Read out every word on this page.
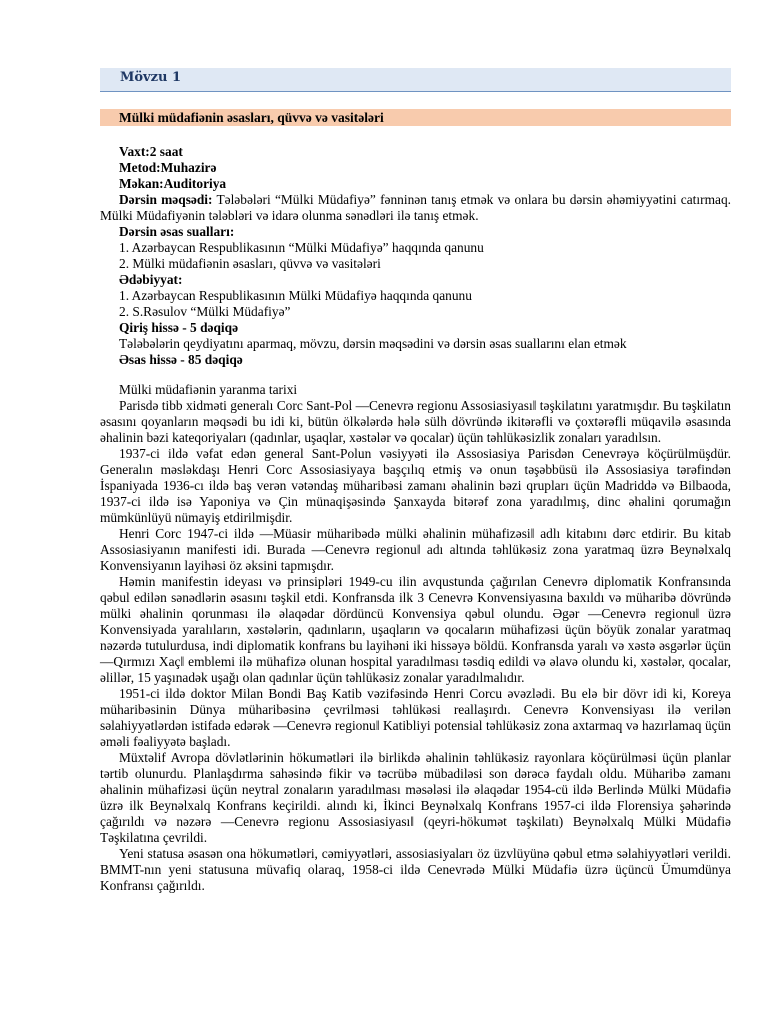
Mövzu 1
Mülki müdafiənin əsasları, qüvvə və vasitələri

Vaxt:2 saat

Metod:Muhazirə

Məkan:Auditoriya

Dərsin məqsədi: Tələbələri “Mülki Müdafiyə” fənninən tanış etmək və onlara bu dərsin əhəmiyyətini catırmaq. Mülki Müdafiyənin tələbləri və idarə olunma sənədləri ilə tanış etmək.

Dərsin əsas sualları:

1. Azərbaycan Respublikasının “Mülki Müdafiyə” haqqında qanunu

2. Mülki müdafiənin əsasları, qüvvə və vasitələri

Ədəbiyyat:

1. Azərbaycan Respublikasının Mülki Müdafiyə haqqında qanunu

2. S.Rəsulov “Mülki Müdafiyə”

Qiriş hissə - 5 dəqiqə

Tələbələrin qeydiyatını aparmaq, mövzu, dərsin məqsədini və dərsin əsas suallarını elan etmək

Əsas hissə - 85 dəqiqə

Mülki müdafiənin yaranma tarixi

Parisdə tibb xidməti generalı Corc Sant-Pol ―Cenevrə regionu Assosiasiyası‖ təşkilatını yaratmışdır. Bu təşkilatın əsasını qoyanların məqsədi bu idi ki, bütün ölkələrdə hələ sülh dövründə ikitərəfli və çoxtərəfli müqavilə əsasında əhalinin bəzi kateqoriyaları (qadınlar, uşaqlar, xəstələr və qocalar) üçün təhlükəsizlik zonaları yaradılsın.

1937-ci ildə vəfat edən general Sant-Polun vəsiyyəti ilə Assosiasiya Parisdən Cenevrəyə köçürülmüşdür. Generalın məsləkdaşı Henri Corc Assosiasiyaya başçılıq etmiş və onun təşəbbüsü ilə Assosiasiya tərəfindən İspaniyada 1936-cı ildə baş verən vətəndaş müharibəsi zamanı əhalinin bəzi qrupları üçün Madriddə və Bilbaoda, 1937-ci ildə isə Yaponiya və Çin münaqişəsində Şanxayda bitərəf zona yaradılmış, dinc əhalini qorumağın mümkünlüyü nümayiş etdirilmişdir.

Henri Corc 1947-ci ildə ―Müasir müharibədə mülki əhalinin mühafizəsi‖ adlı kitabını dərc etdirir. Bu kitab Assosiasiyanın manifesti idi. Burada ―Cenevrə regionu‖ adı altında təhlükəsiz zona yaratmaq üzrə Beynəlxalq Konvensiyanın layihəsi öz əksini tapmışdır.

Həmin manifestin ideyası və prinsipləri 1949-cu ilin avqustunda çağırılan Cenevrə diplomatik Konfransında qəbul edilən sənədlərin əsasını təşkil etdi. Konfransda ilk 3 Cenevrə Konvensiyasına baxıldı və müharibə dövründə mülki əhalinin qorunması ilə əlaqədar dördüncü Konvensiya qəbul olundu. Əgər ―Cenevrə regionu‖ üzrə Konvensiyada yaralıların, xəstələrin, qadınların, uşaqların və qocaların mühafizəsi üçün böyük zonalar yaratmaq nəzərdə tutulurdusa, indi diplomatik konfrans bu layihəni iki hissəyə böldü. Konfransda yaralı və xəstə əsgərlər üçün ―Qırmızı Xaç‖ emblemi ilə mühafizə olunan hospital yaradılması təsdiq edildi və əlavə olundu ki, xəstələr, qocalar, əlillər, 15 yaşınadək uşağı olan qadınlar üçün təhlükəsiz zonalar yaradılmalıdır.

1951-ci ildə doktor Milan Bondi Baş Katib vəzifəsində Henri Corcu əvəzlədi. Bu elə bir dövr idi ki, Koreya müharibəsinin Dünya müharibəsinə çevrilməsi təhlükəsi reallaşırdı. Cenevrə Konvensiyası ilə verilən səlahiyyətlərdən istifadə edərək ―Cenevrə regionu‖ Katibliyi potensial təhlükəsiz zona axtarmaq və hazırlamaq üçün əməli fəaliyyətə başladı.

Müxtəlif Avropa dövlətlərinin hökumətləri ilə birlikdə əhalinin təhlükəsiz rayonlara köçürülməsi üçün planlar tərtib olunurdu. Planlaşdırma sahəsində fikir və təcrübə mübadiləsi son dərəcə faydalı oldu. Müharibə zamanı əhalinin mühafizəsi üçün neytral zonaların yaradılması məsələsi ilə əlaqədar 1954-cü ildə Berlində Mülki Müdafiə üzrə ilk Beynəlxalq Konfrans keçirildi. alındı ki, İkinci Beynəlxalq Konfrans 1957-ci ildə Florensiya şəhərində çağırıldı və nəzərə ―Cenevrə regionu Assosiasiyası‖ (qeyri-hökumət təşkilatı) Beynəlxalq Mülki Müdafiə Təşkilatına çevrildi.

Yeni statusa əsasən ona hökumətləri, cəmiyyətləri, assosiasiyaları öz üzvlüyünə qəbul etmə səlahiyyətləri verildi. BMMT-nın yeni statusuna müvafiq olaraq, 1958-ci ildə Cenevrədə Mülki Müdafiə üzrə üçüncü Ümumdünya Konfransı çağırıldı.
